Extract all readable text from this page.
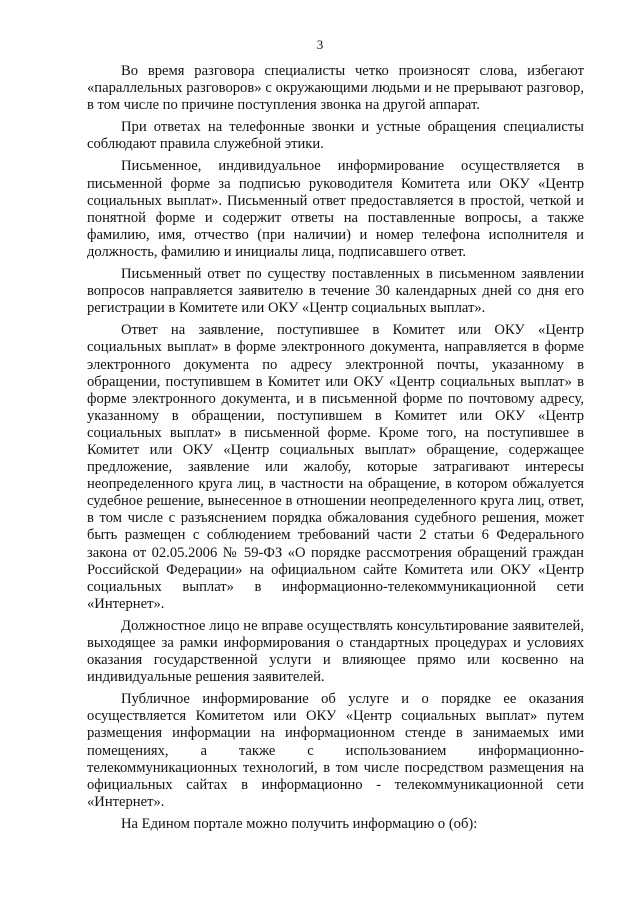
3

Во время разговора специалисты четко произносят слова, избегают «параллельных разговоров» с окружающими людьми и не прерывают разговор, в том числе по причине поступления звонка на другой аппарат.

При ответах на телефонные звонки и устные обращения специалисты соблюдают правила служебной этики.

Письменное, индивидуальное информирование осуществляется в письменной форме за подписью руководителя Комитета или ОКУ «Центр социальных выплат». Письменный ответ предоставляется в простой, четкой и понятной форме и содержит ответы на поставленные вопросы, а также фамилию, имя, отчество (при наличии) и номер телефона исполнителя и должность, фамилию и инициалы лица, подписавшего ответ.

Письменный ответ по существу поставленных в письменном заявлении вопросов направляется заявителю в течение 30 календарных дней со дня его регистрации в Комитете или ОКУ «Центр социальных выплат».

Ответ на заявление, поступившее в Комитет или ОКУ «Центр социальных выплат» в форме электронного документа, направляется в форме электронного документа по адресу электронной почты, указанному в обращении, поступившем в Комитет или ОКУ «Центр социальных выплат» в форме электронного документа, и в письменной форме по почтовому адресу, указанному в обращении, поступившем в Комитет или ОКУ «Центр социальных выплат» в письменной форме. Кроме того, на поступившее в Комитет или ОКУ «Центр социальных выплат» обращение, содержащее предложение, заявление или жалобу, которые затрагивают интересы неопределенного круга лиц, в частности на обращение, в котором обжалуется судебное решение, вынесенное в отношении неопределенного круга лиц, ответ, в том числе с разъяснением порядка обжалования судебного решения, может быть размещен с соблюдением требований части 2 статьи 6 Федерального закона от 02.05.2006 № 59-ФЗ «О порядке рассмотрения обращений граждан Российской Федерации» на официальном сайте Комитета или ОКУ «Центр социальных выплат» в информационно-телекоммуникационной сети «Интернет».

Должностное лицо не вправе осуществлять консультирование заявителей, выходящее за рамки информирования о стандартных процедурах и условиях оказания государственной услуги и влияющее прямо или косвенно на индивидуальные решения заявителей.

Публичное информирование об услуге и о порядке ее оказания осуществляется Комитетом или ОКУ «Центр социальных выплат» путем размещения информации на информационном стенде в занимаемых ими помещениях, а также с использованием информационно-телекоммуникационных технологий, в том числе посредством размещения на официальных сайтах в информационно - телекоммуникационной сети «Интернет».

На Едином портале можно получить информацию о (об):
